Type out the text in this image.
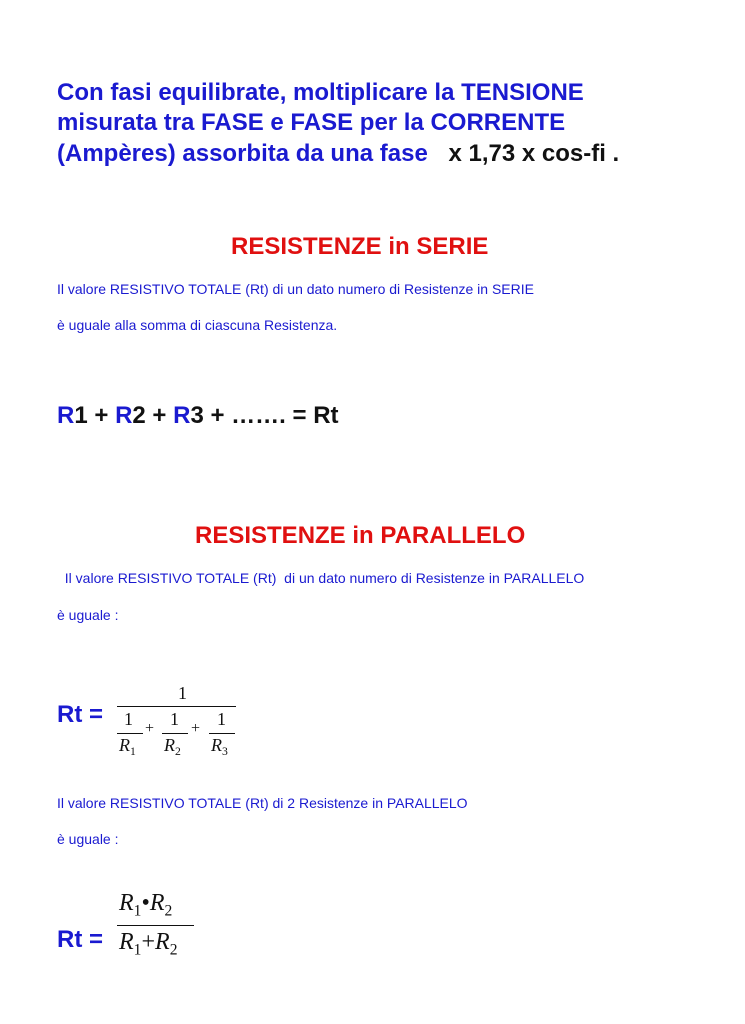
Con fasi equilibrate, moltiplicare la TENSIONE
misurata tra FASE e FASE per la CORRENTE
(Ampères) assorbita da una fase x 1,73 x cos-fi .
RESISTENZE in SERIE
Il valore RESISTIVO TOTALE (Rt) di un dato numero di Resistenze in SERIE
è uguale alla somma di ciascuna Resistenza.
R1 + R2 + R3 + ……. = Rt
RESISTENZE in PARALLELO
Il valore RESISTIVO TOTALE (Rt)  di un dato numero di Resistenze in PARALLELO
è uguale :
Rt =
1
1
$R_1$
+ 1
$R_2$
+ 1
$R_3$
Il valore RESISTIVO TOTALE (Rt) di 2 Resistenze in PARALLELO
è uguale :
Rt =
$R_1•R_2$
$R_1+R_2$
